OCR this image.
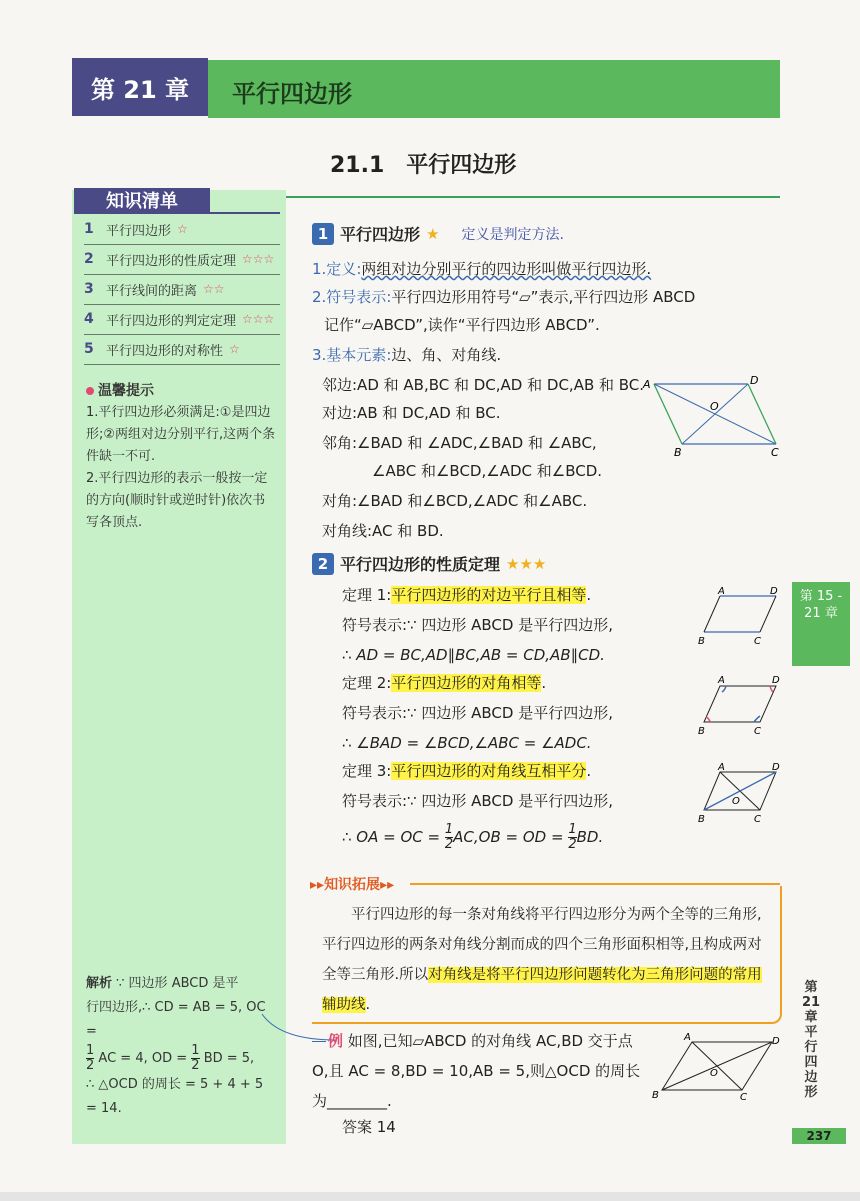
第 21 章	平行四边形
21.1　平行四边形
知识清单
1 平行四边形 ☆
2 平行四边形的性质定理 ☆☆☆
3 平行线间的距离 ☆☆
4 平行四边形的判定定理 ☆☆☆
5 平行四边形的对称性 ☆
温馨提示
1.平行四边形必须满足:①是四边形;②两组对边分别平行,这两个条件缺一不可.
2.平行四边形的表示一般按一定的方向(顺时针或逆时针)依次书写各顶点.
解析 ∵ 四边形 ABCD 是平
行四边形,∴ CD = AB = 5, OC =

$\frac{1}{2}$ AC = 4, OD = $\frac{1}{2}$ BD = 5,
∴ △OCD 的周长 = 5 + 4 + 5
= 14.
1 平行四边形 ★ 定义是判定方法.
1.定义:两组对边分别平行的四边形叫做平行四边形.
2.符号表示:平行四边形用符号“▱”表示,平行四边形 ABCD
记作“▱ABCD”,读作“平行四边形 ABCD”.
3.基本元素:边、角、对角线.
邻边:AD 和 AB,BC 和 DC,AD 和 DC,AB 和 BC.
对边:AB 和 DC,AD 和 BC.
邻角:∠BAD 和 ∠ADC,∠BAD 和 ∠ABC,
∠ABC 和∠BCD,∠ADC 和∠BCD.
对角:∠BAD 和∠BCD,∠ADC 和∠ABC.
对角线:AC 和 BD.
A	D
B	C
O
2 平行四边形的性质定理 ★★★
定理 1:平行四边形的对边平行且相等.
符号表示:∵ 四边形 ABCD 是平行四边形,
∴ AD = BC,AD∥BC,AB = CD,AB∥CD.
定理 2:平行四边形的对角相等.
符号表示:∵ 四边形 ABCD 是平行四边形,
∴ ∠BAD = ∠BCD,∠ABC = ∠ADC.
定理 3:平行四边形的对角线互相平分.
符号表示:∵ 四边形 ABCD 是平行四边形,
∴ OA = OC = $\frac{1}{2} AC,OB$ = OD = $\frac{1}{2}$ BD.
A	D
B	C
A	D
B	C
A	D
B	C
O
▸▸知识拓展▸▸
平行四边形的每一条对角线将平行四边形分为两个全等的三角形,平行四边形的两条对角线分割而成的四个三角形面积相等,且构成两对全等三角形.所以对角线是将平行四边形问题转化为三角形问题的常用辅助线.
例 如图,已知▱ABCD 的对角线 AC,BD 交于点 O,且 AC = 8,BD = 10,AB = 5,则△OCD 的周长为________.
答案 14
A	D
B	C
O
第 15 - 21 章
第21章 平行四边形
237
